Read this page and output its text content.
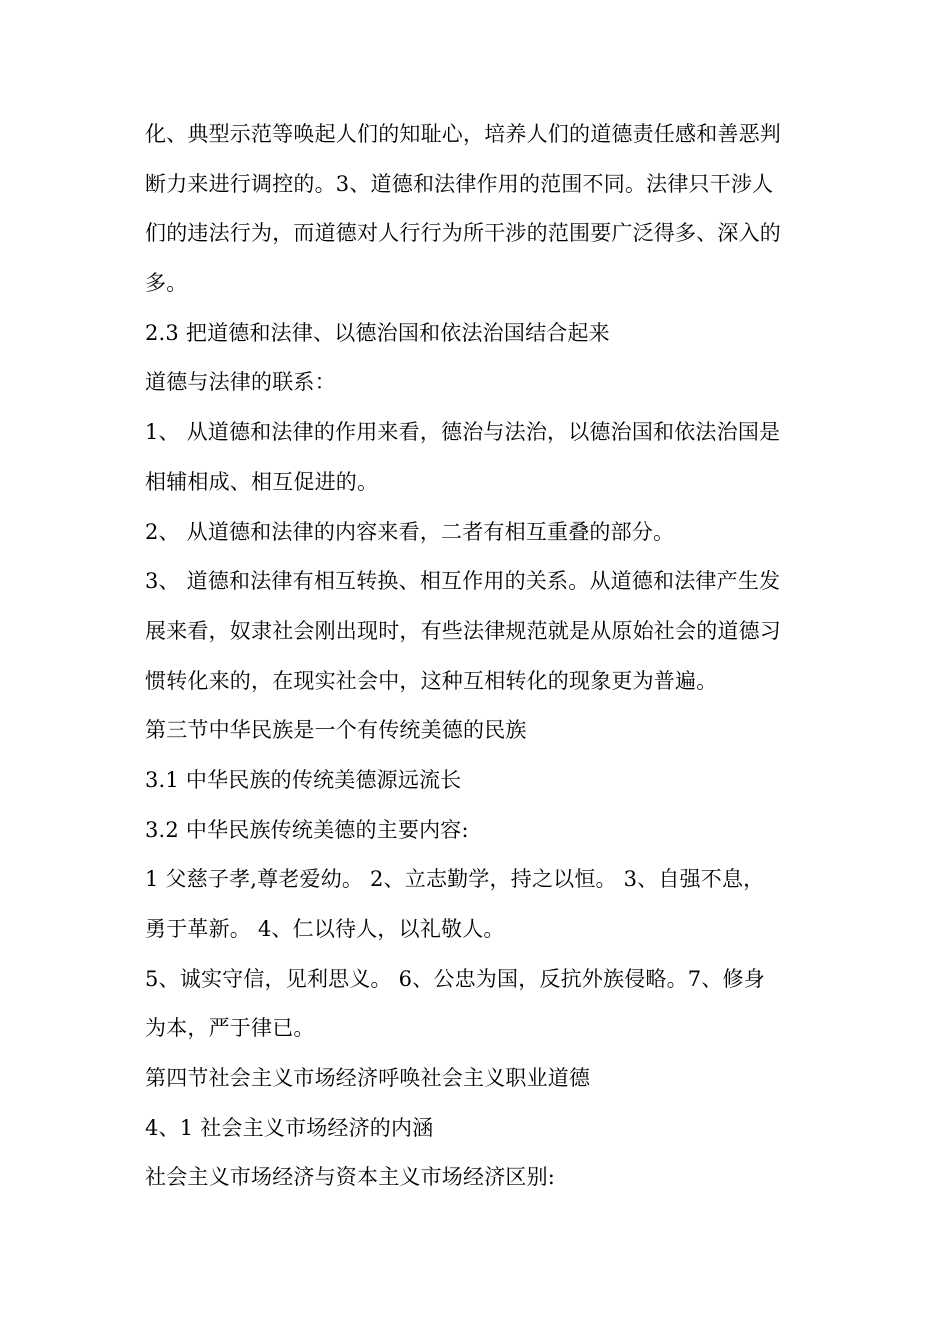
化、典型示范等唤起人们的知耻心，培养人们的道德责任感和善恶判
断力来进行调控的。3、道德和法律作用的范围不同。法律只干涉人
们的违法行为，而道德对人行行为所干涉的范围要广泛得多、深入的
多。
2.3 把道德和法律、以德治国和依法治国结合起来
道德与法律的联系：
1、 从道德和法律的作用来看，德治与法治，以德治国和依法治国是
相辅相成、相互促进的。
2、 从道德和法律的内容来看，二者有相互重叠的部分。
3、 道德和法律有相互转换、相互作用的关系。从道德和法律产生发
展来看，奴隶社会刚出现时，有些法律规范就是从原始社会的道德习
惯转化来的，在现实社会中，这种互相转化的现象更为普遍。
第三节中华民族是一个有传统美德的民族
3.1 中华民族的传统美德源远流长
3.2 中华民族传统美德的主要内容:
1 父慈子孝,尊老爱幼。 2、立志勤学，持之以恒。 3、自强不息，
勇于革新。 4、仁以待人，以礼敬人。
5、诚实守信，见利思义。 6、公忠为国，反抗外族侵略。7、修身
为本，严于律已。
第四节社会主义市场经济呼唤社会主义职业道德
4、1 社会主义市场经济的内涵
社会主义市场经济与资本主义市场经济区别:
